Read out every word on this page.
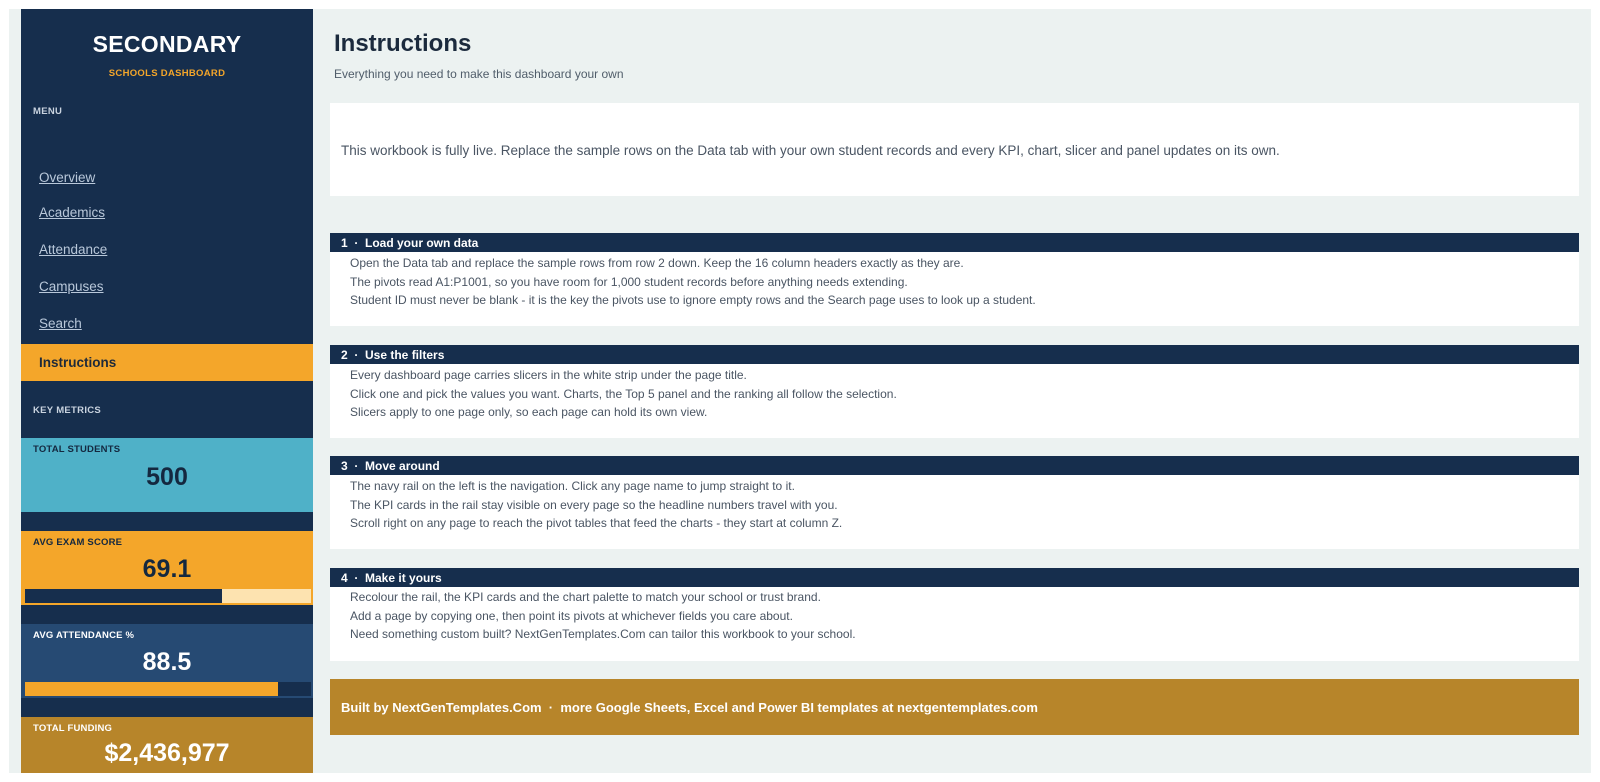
SECONDARY
SCHOOLS DASHBOARD
MENU
Overview
Academics
Attendance
Campuses
Search
Instructions
KEY METRICS
TOTAL STUDENTS
500
AVG EXAM SCORE
69.1
AVG ATTENDANCE %
88.5
TOTAL FUNDING
$2,436,977
Instructions
Everything you need to make this dashboard your own

This workbook is fully live. Replace the sample rows on the Data tab with your own student records and every KPI, chart, slicer and panel updates on its own.

1  ·  Load your own data
Open the Data tab and replace the sample rows from row 2 down. Keep the 16 column headers exactly as they are.
The pivots read A1:P1001, so you have room for 1,000 student records before anything needs extending.
Student ID must never be blank - it is the key the pivots use to ignore empty rows and the Search page uses to look up a student.
2  ·  Use the filters
Every dashboard page carries slicers in the white strip under the page title.
Click one and pick the values you want. Charts, the Top 5 panel and the ranking all follow the selection.
Slicers apply to one page only, so each page can hold its own view.
3  ·  Move around
The navy rail on the left is the navigation. Click any page name to jump straight to it.
The KPI cards in the rail stay visible on every page so the headline numbers travel with you.
Scroll right on any page to reach the pivot tables that feed the charts - they start at column Z.
4  ·  Make it yours
Recolour the rail, the KPI cards and the chart palette to match your school or trust brand.
Add a page by copying one, then point its pivots at whichever fields you care about.
Need something custom built? NextGenTemplates.Com can tailor this workbook to your school.
Built by NextGenTemplates.Com  ·  more Google Sheets, Excel and Power BI templates at nextgentemplates.com
